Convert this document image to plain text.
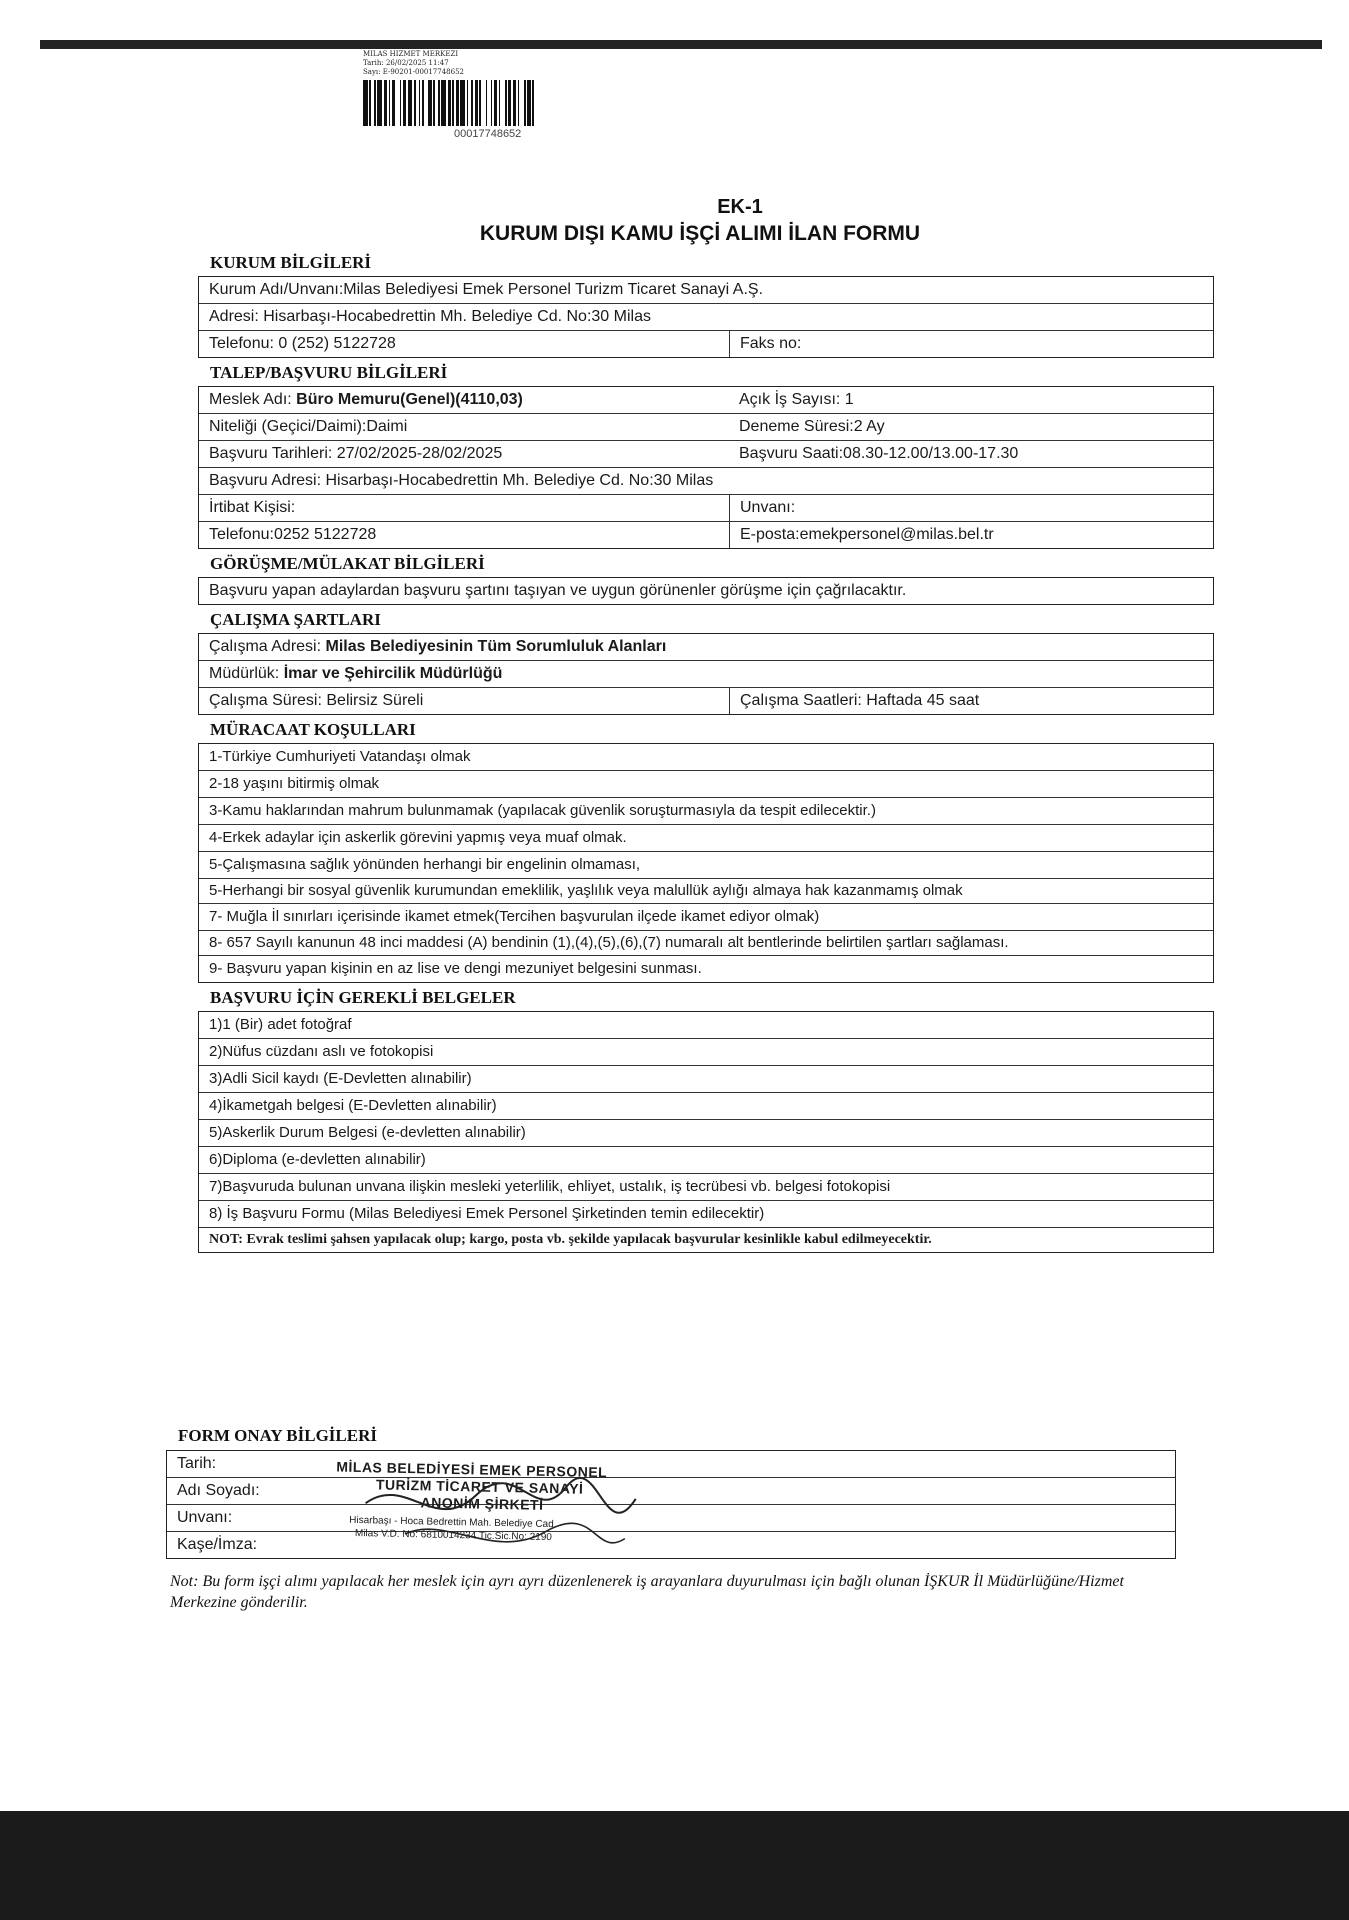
MILAS HIZMET MERKEZI
Tarih: 26/02/2025 11:47
Sayı: E-90201-00017748652
00017748652
EK-1
KURUM DIŞI KAMU İŞÇİ ALIMI İLAN FORMU
KURUM BİLGİLERİ
Kurum Adı/Unvanı:Milas Belediyesi Emek Personel Turizm Ticaret Sanayi A.Ş.
Adresi: Hisarbaşı-Hocabedrettin Mh. Belediye Cd. No:30 Milas
Telefonu: 0 (252) 5122728	Faks no:
TALEP/BAŞVURU BİLGİLERİ
Meslek Adı: Büro Memuru(Genel)(4110,03)	Açık İş Sayısı: 1
Niteliği (Geçici/Daimi):Daimi	Deneme Süresi:2 Ay
Başvuru Tarihleri: 27/02/2025-28/02/2025	Başvuru Saati:08.30-12.00/13.00-17.30
Başvuru Adresi: Hisarbaşı-Hocabedrettin Mh. Belediye Cd. No:30 Milas
İrtibat Kişisi:	Unvanı:
Telefonu:0252 5122728	E-posta:emekpersonel@milas.bel.tr
GÖRÜŞME/MÜLAKAT BİLGİLERİ
Başvuru yapan adaylardan başvuru şartını taşıyan ve uygun görünenler görüşme için çağrılacaktır.
ÇALIŞMA ŞARTLARI
Çalışma Adresi: Milas Belediyesinin Tüm Sorumluluk Alanları
Müdürlük: İmar ve Şehircilik Müdürlüğü
Çalışma Süresi: Belirsiz Süreli	Çalışma Saatleri: Haftada 45 saat
MÜRACAAT KOŞULLARI
1-Türkiye Cumhuriyeti Vatandaşı olmak
2-18 yaşını bitirmiş olmak
3-Kamu haklarından mahrum bulunmamak (yapılacak güvenlik soruşturmasıyla da tespit edilecektir.)
4-Erkek adaylar için askerlik görevini yapmış veya muaf olmak.
5-Çalışmasına sağlık yönünden herhangi bir engelinin olmaması,
5-Herhangi bir sosyal güvenlik kurumundan emeklilik, yaşlılık veya malullük aylığı almaya hak kazanmamış olmak
7- Muğla İl sınırları içerisinde ikamet etmek(Tercihen başvurulan ilçede ikamet ediyor olmak)
8- 657 Sayılı kanunun 48 inci maddesi (A) bendinin (1),(4),(5),(6),(7) numaralı alt bentlerinde belirtilen şartları sağlaması.
9- Başvuru yapan kişinin en az lise ve dengi mezuniyet belgesini sunması.
BAŞVURU İÇİN GEREKLİ BELGELER
1)1 (Bir) adet fotoğraf
2)Nüfus cüzdanı aslı ve fotokopisi
3)Adli Sicil kaydı (E-Devletten alınabilir)
4)İkametgah belgesi (E-Devletten alınabilir)
5)Askerlik Durum Belgesi (e-devletten alınabilir)
6)Diploma (e-devletten alınabilir)
7)Başvuruda bulunan unvana ilişkin mesleki yeterlilik, ehliyet, ustalık, iş tecrübesi vb. belgesi fotokopisi
8) İş Başvuru Formu (Milas Belediyesi Emek Personel Şirketinden temin edilecektir)
NOT: Evrak teslimi şahsen yapılacak olup; kargo, posta vb. şekilde yapılacak başvurular kesinlikle kabul edilmeyecektir.
FORM ONAY BİLGİLERİ
Tarih:
Adı Soyadı:
Unvanı:
Kaşe/İmza:
MİLAS BELEDİYESİ EMEK PERSONEL
TURİZM TİCARET VE SANAYİ
ANONİM ŞİRKETİ
Hisarbaşı - Hoca Bedrettin Mah. Belediye Cad.
Milas V.D. No: 6810014234 Tic.Sic.No: 2190
Not: Bu form işçi alımı yapılacak her meslek için ayrı ayrı düzenlenerek iş arayanlara duyurulması için bağlı olunan İŞKUR İl Müdürlüğüne/Hizmet Merkezine gönderilir.
